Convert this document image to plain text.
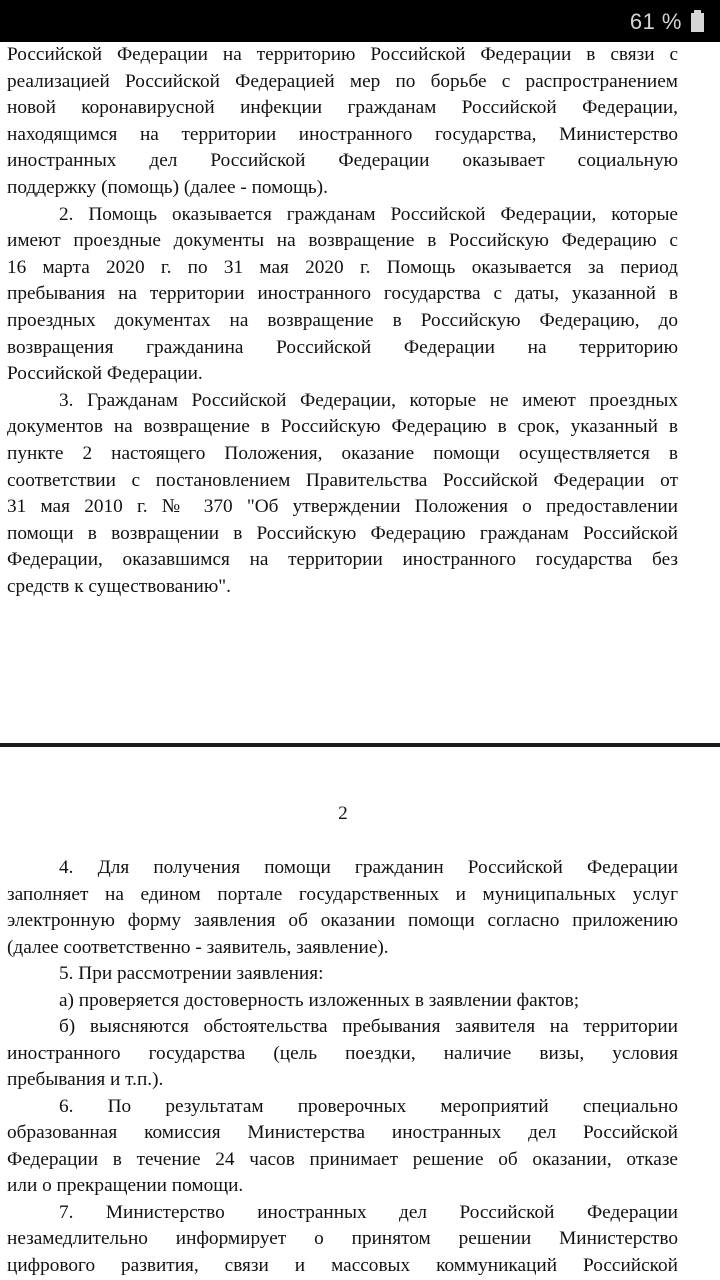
61 %
Российской Федерации на территорию Российской Федерации в связи с
реализацией Российской Федерацией мер по борьбе с распространением
новой коронавирусной инфекции гражданам Российской Федерации,
находящимся на территории иностранного государства, Министерство
иностранных дел Российской Федерации оказывает социальную
поддержку (помощь) (далее - помощь).
2. Помощь оказывается гражданам Российской Федерации, которые
имеют проездные документы на возвращение в Российскую Федерацию с
16 марта 2020 г. по 31 мая 2020 г. Помощь оказывается за период
пребывания на территории иностранного государства с даты, указанной в
проездных документах на возвращение в Российскую Федерацию, до
возвращения гражданина Российской Федерации на территорию
Российской Федерации.
3. Гражданам Российской Федерации, которые не имеют проездных
документов на возвращение в Российскую Федерацию в срок, указанный в
пункте 2 настоящего Положения, оказание помощи осуществляется в
соответствии с постановлением Правительства Российской Федерации от
31 мая 2010 г. № 370 "Об утверждении Положения о предоставлении
помощи в возвращении в Российскую Федерацию гражданам Российской
Федерации, оказавшимся на территории иностранного государства без
средств к существованию".
2
4. Для получения помощи гражданин Российской Федерации
заполняет на едином портале государственных и муниципальных услуг
электронную форму заявления об оказании помощи согласно приложению
(далее соответственно - заявитель, заявление).
5. При рассмотрении заявления:
а) проверяется достоверность изложенных в заявлении фактов;
б) выясняются обстоятельства пребывания заявителя на территории
иностранного государства (цель поездки, наличие визы, условия
пребывания и т.п.).
6. По результатам проверочных мероприятий специально
образованная комиссия Министерства иностранных дел Российской
Федерации в течение 24 часов принимает решение об оказании, отказе
или о прекращении помощи.
7. Министерство иностранных дел Российской Федерации
незамедлительно информирует о принятом решении Министерство
цифрового развития, связи и массовых коммуникаций Российской
